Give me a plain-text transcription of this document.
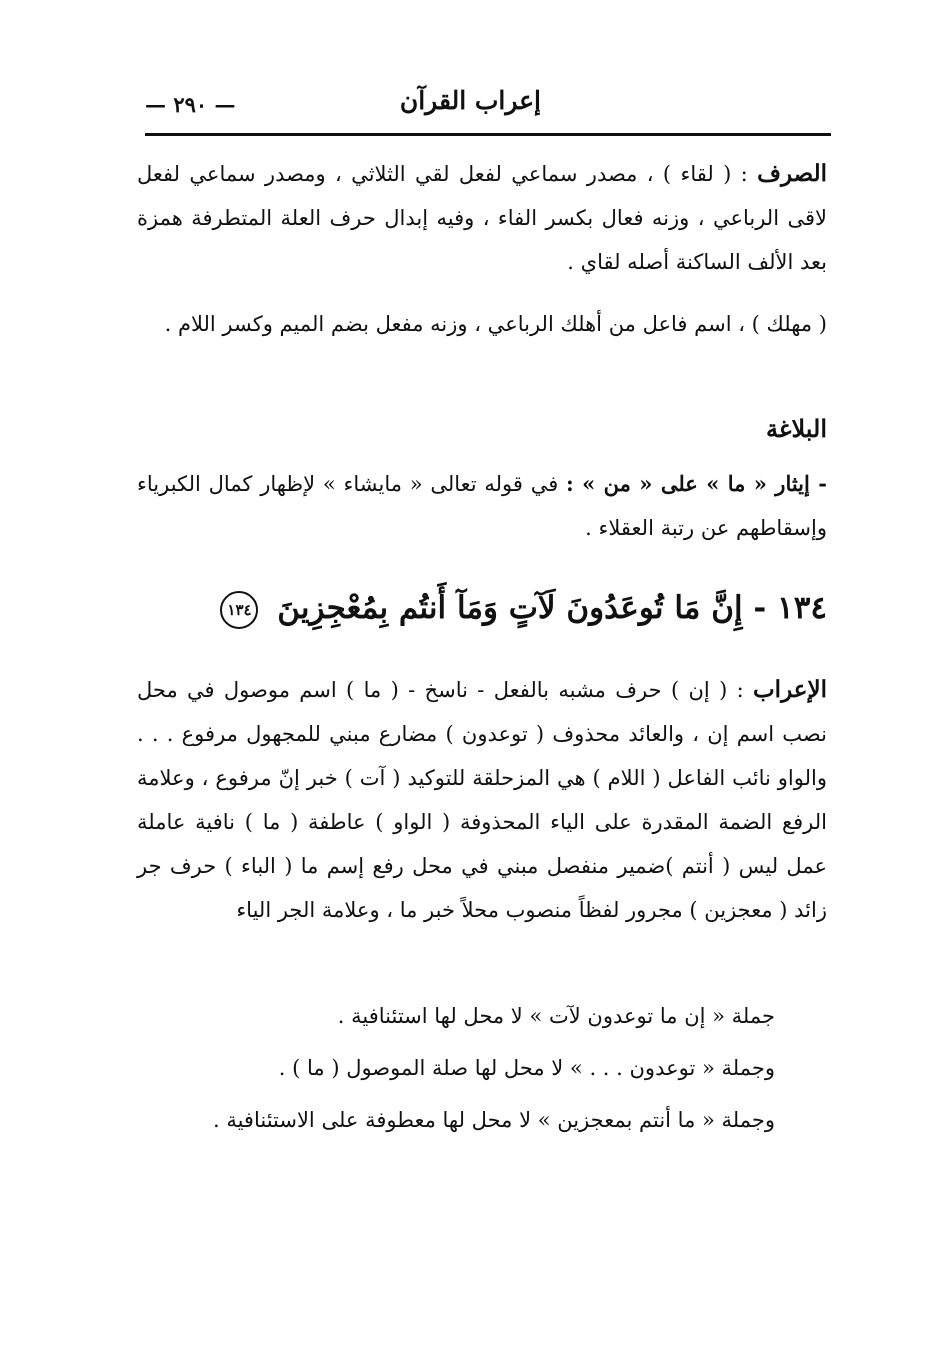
إعراب القرآن
— ٢٩٠ —
الصرف : ( لقاء ) ، مصدر سماعي لفعل لقي الثلاثي ، ومصدر سماعي لفعل لاقى الرباعي ، وزنه فعال بكسر الفاء ، وفيه إبدال حرف العلة المتطرفة همزة بعد الألف الساكنة أصله لقاي .
( مهلك ) ، اسم فاعل من أهلك الرباعي ، وزنه مفعل بضم الميم وكسر اللام .
البلاغة
- إيثار « ما » على « من » : في قوله تعالى « مايشاء » لإظهار كمال الكبرياء وإسقاطهم عن رتبة العقلاء .
١٣٤ - إِنَّ مَا تُوعَدُونَ لَآتٍ وَمَآ أَنتُم بِمُعْجِزِينَ ١٣٤
الإعراب : ( إن ) حرف مشبه بالفعل - ناسخ - ( ما ) اسم موصول في محل نصب اسم إن ، والعائد محذوف ( توعدون ) مضارع مبني للمجهول مرفوع . . . والواو نائب الفاعل ( اللام ) هي المزحلقة للتوكيد ( آت ) خبر إنّ مرفوع ، وعلامة الرفع الضمة المقدرة على الياء المحذوفة ( الواو ) عاطفة ( ما ) نافية عاملة عمل ليس ( أنتم )ضمير منفصل مبني في محل رفع إسم ما ( الباء ) حرف جر زائد ( معجزين ) مجرور لفظاً منصوب محلاً خبر ما ، وعلامة الجر الياء
جملة « إن ما توعدون لآت » لا محل لها استئنافية .
وجملة « توعدون . . . » لا محل لها صلة الموصول ( ما ) .
وجملة « ما أنتم بمعجزين » لا محل لها معطوفة على الاستئنافية .
